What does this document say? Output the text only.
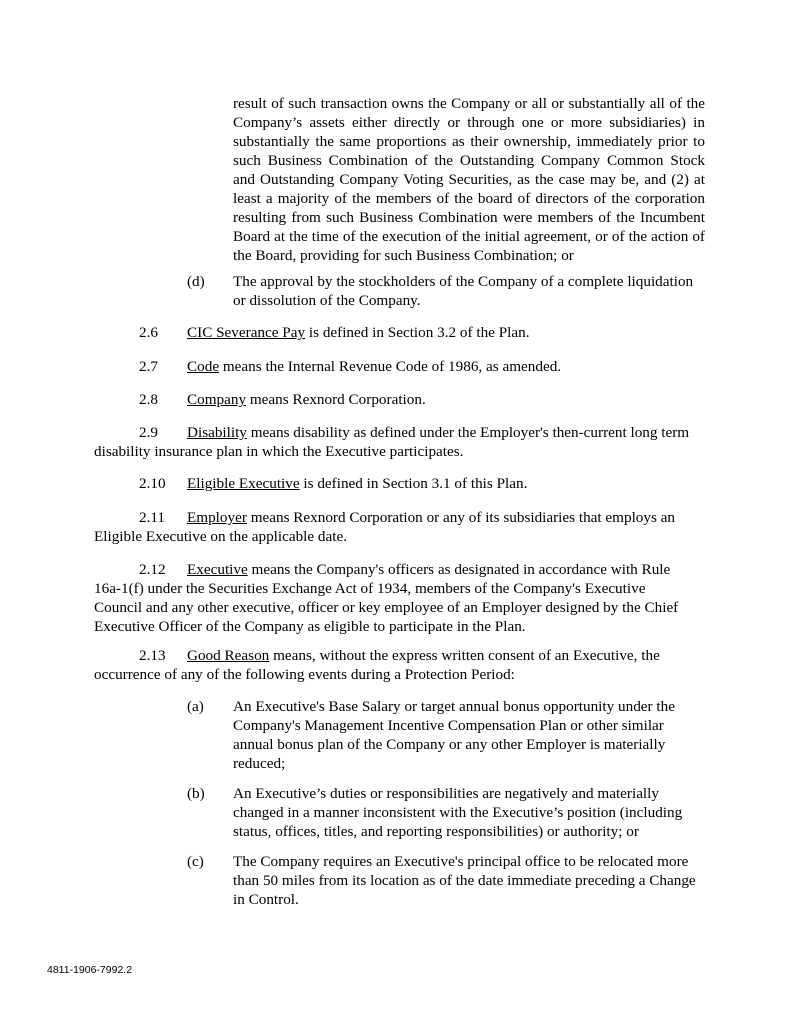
result of such transaction owns the Company or all or substantially all of the Company’s assets either directly or through one or more subsidiaries) in substantially the same proportions as their ownership, immediately prior to such Business Combination of the Outstanding Company Common Stock and Outstanding Company Voting Securities, as the case may be, and (2) at least a majority of the members of the board of directors of the corporation resulting from such Business Combination were members of the Incumbent Board at the time of the execution of the initial agreement, or of the action of the Board, providing for such Business Combination; or

(d) The approval by the stockholders of the Company of a complete liquidation or dissolution of the Company.
2.6 CIC Severance Pay is defined in Section 3.2 of the Plan.
2.7 Code means the Internal Revenue Code of 1986, as amended.
2.8 Company means Rexnord Corporation.
2.9 Disability means disability as defined under the Employer's then-current long term disability insurance plan in which the Executive participates.
2.10 Eligible Executive is defined in Section 3.1 of this Plan.
2.11 Employer means Rexnord Corporation or any of its subsidiaries that employs an Eligible Executive on the applicable date.
2.12 Executive means the Company's officers as designated in accordance with Rule 16a-1(f) under the Securities Exchange Act of 1934, members of the Company's Executive Council and any other executive, officer or key employee of an Employer designed by the Chief Executive Officer of the Company as eligible to participate in the Plan.
2.13 Good Reason means, without the express written consent of an Executive, the occurrence of any of the following events during a Protection Period:
(a) An Executive's Base Salary or target annual bonus opportunity under the Company's Management Incentive Compensation Plan or other similar annual bonus plan of the Company or any other Employer is materially reduced;
(b) An Executive’s duties or responsibilities are negatively and materially changed in a manner inconsistent with the Executive’s position (including status, offices, titles, and reporting responsibilities) or authority; or
(c) The Company requires an Executive's principal office to be relocated more than 50 miles from its location as of the date immediate preceding a Change in Control.
4811-1906-7992.2
